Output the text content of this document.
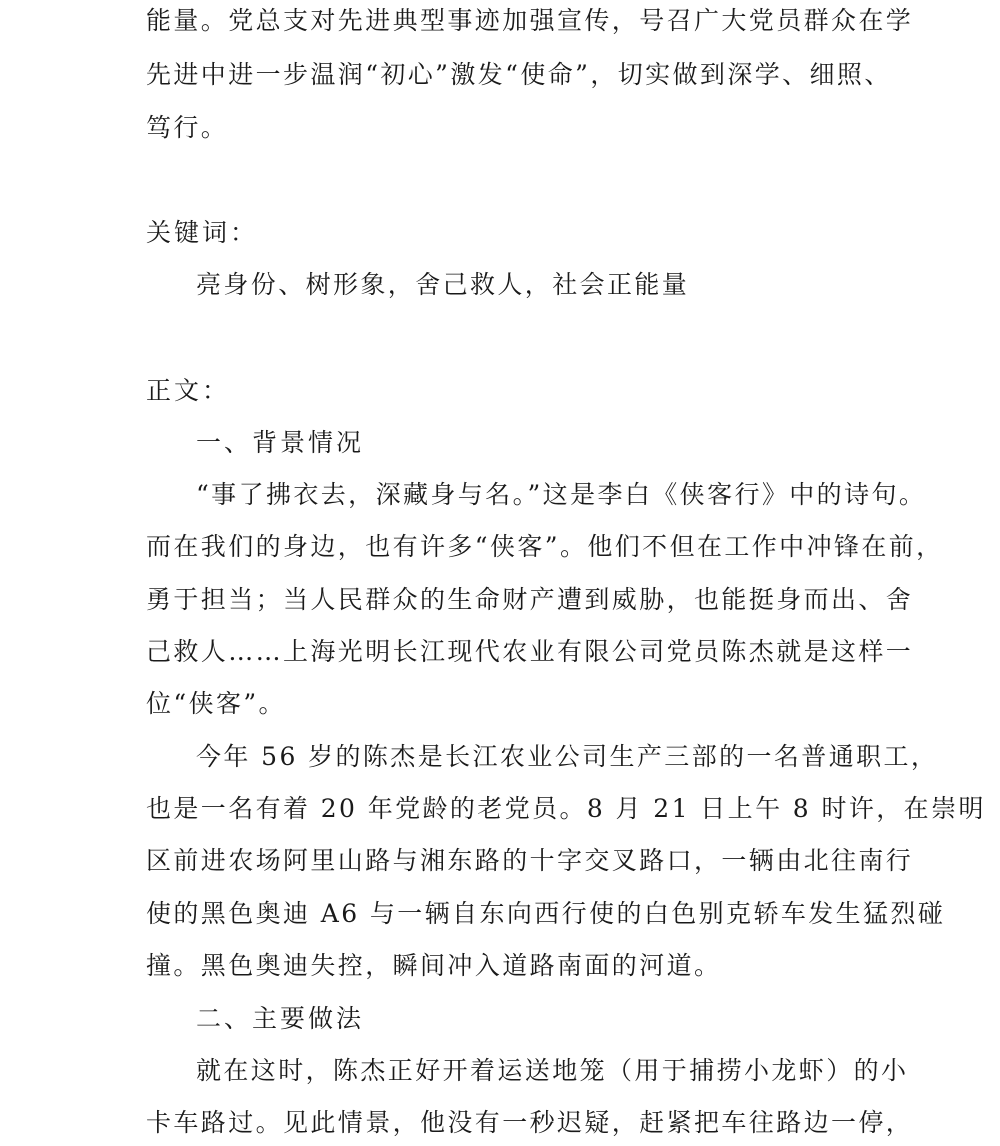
能量。党总支对先进典型事迹加强宣传，号召广大党员群众在学
先进中进一步温润“初心”激发“使命”，切实做到深学、细照、
笃行。
关键词：
亮身份、树形象，舍己救人，社会正能量
正文：
一、背景情况
“事了拂衣去，深藏身与名。”这是李白《侠客行》中的诗句。
而在我们的身边，也有许多“侠客”。他们不但在工作中冲锋在前，
勇于担当；当人民群众的生命财产遭到威胁，也能挺身而出、舍
己救人……上海光明长江现代农业有限公司党员陈杰就是这样一
位“侠客”。
今年 56 岁的陈杰是长江农业公司生产三部的一名普通职工，
也是一名有着 20 年党龄的老党员。8 月 21 日上午 8 时许，在崇明
区前进农场阿里山路与湘东路的十字交叉路口，一辆由北往南行
使的黑色奥迪 A6 与一辆自东向西行使的白色别克轿车发生猛烈碰
撞。黑色奥迪失控，瞬间冲入道路南面的河道。
二、主要做法
就在这时，陈杰正好开着运送地笼（用于捕捞小龙虾）的小
卡车路过。见此情景，他没有一秒迟疑，赶紧把车往路边一停，
